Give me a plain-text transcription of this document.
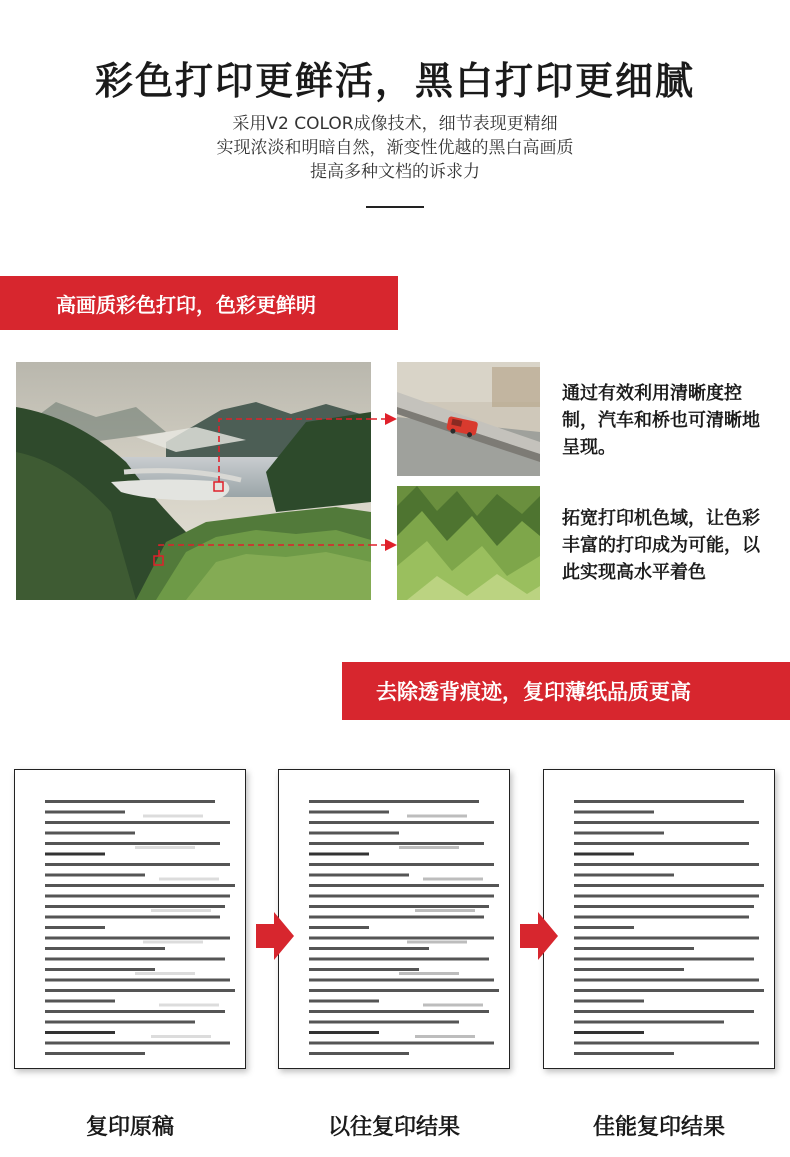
彩色打印更鲜活，黑白打印更细腻
采用V2 COLOR成像技术，细节表现更精细
实现浓淡和明暗自然，渐变性优越的黑白高画质
提高多种文档的诉求力
高画质彩色打印，色彩更鲜明
通过有效利用清晰度控制，汽车和桥也可清晰地呈现。
拓宽打印机色域，让色彩丰富的打印成为可能，以此实现高水平着色
去除透背痕迹，复印薄纸品质更高
复印原稿	以往复印结果	佳能复印结果
